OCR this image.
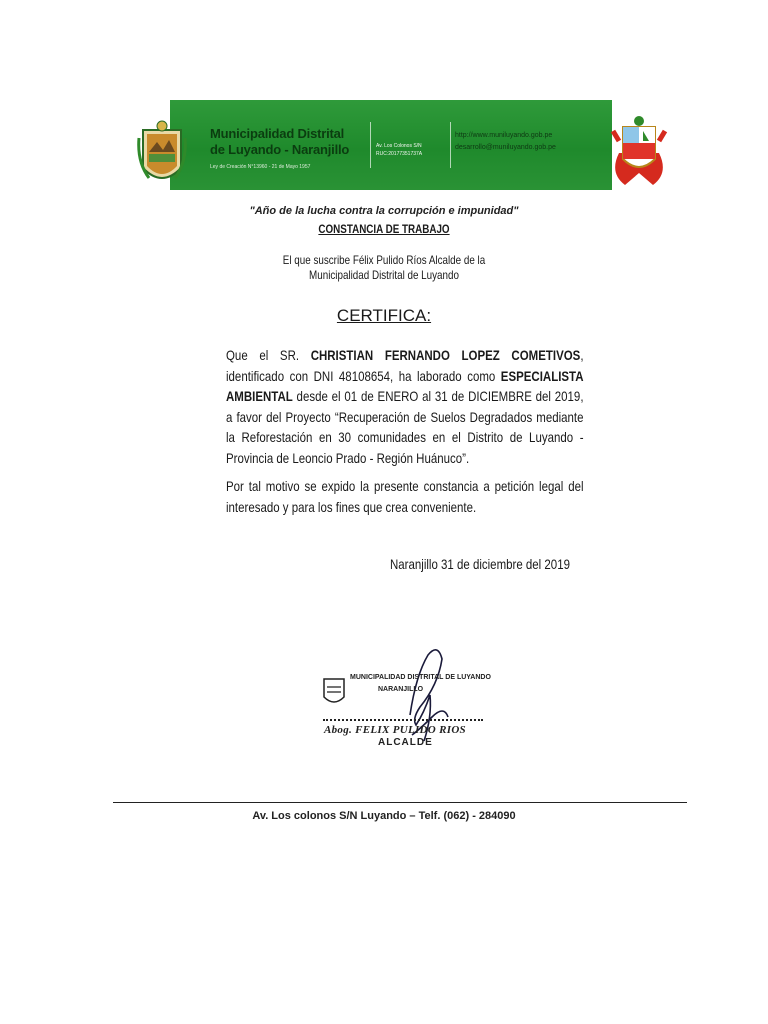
Municipalidad Distrital
de Luyando - Naranjillo
Ley de Creación N°13960 - 21 de Mayo 1957
Av. Los Colonos S/N
RUC:20177351737A
http://www.muniluyando.gob.pe
desarrollo@muniluyando.gob.pe
"Año de la lucha contra la corrupción e impunidad"
CONSTANCIA DE TRABAJO
El que suscribe Félix Pulido Ríos Alcalde de la
Municipalidad Distrital de Luyando
CERTIFICA:
Que el SR. CHRISTIAN FERNANDO LOPEZ COMETIVOS, identificado con DNI 48108654, ha laborado como ESPECIALISTA AMBIENTAL desde el 01 de ENERO al 31 de DICIEMBRE del 2019, a favor del Proyecto “Recuperación de Suelos Degradados mediante la Reforestación en 30 comunidades en el Distrito de Luyando - Provincia de Leoncio Prado - Región Huánuco”.
Por tal motivo se expido la presente constancia a petición legal del interesado y para los fines que crea conveniente.
Naranjillo 31 de diciembre del 2019
MUNICIPALIDAD DISTRITAL DE LUYANDO
NARANJILLO
Abog. FELIX PULIDO RIOS
ALCALDE
Av. Los colonos S/N Luyando – Telf. (062) - 284090
